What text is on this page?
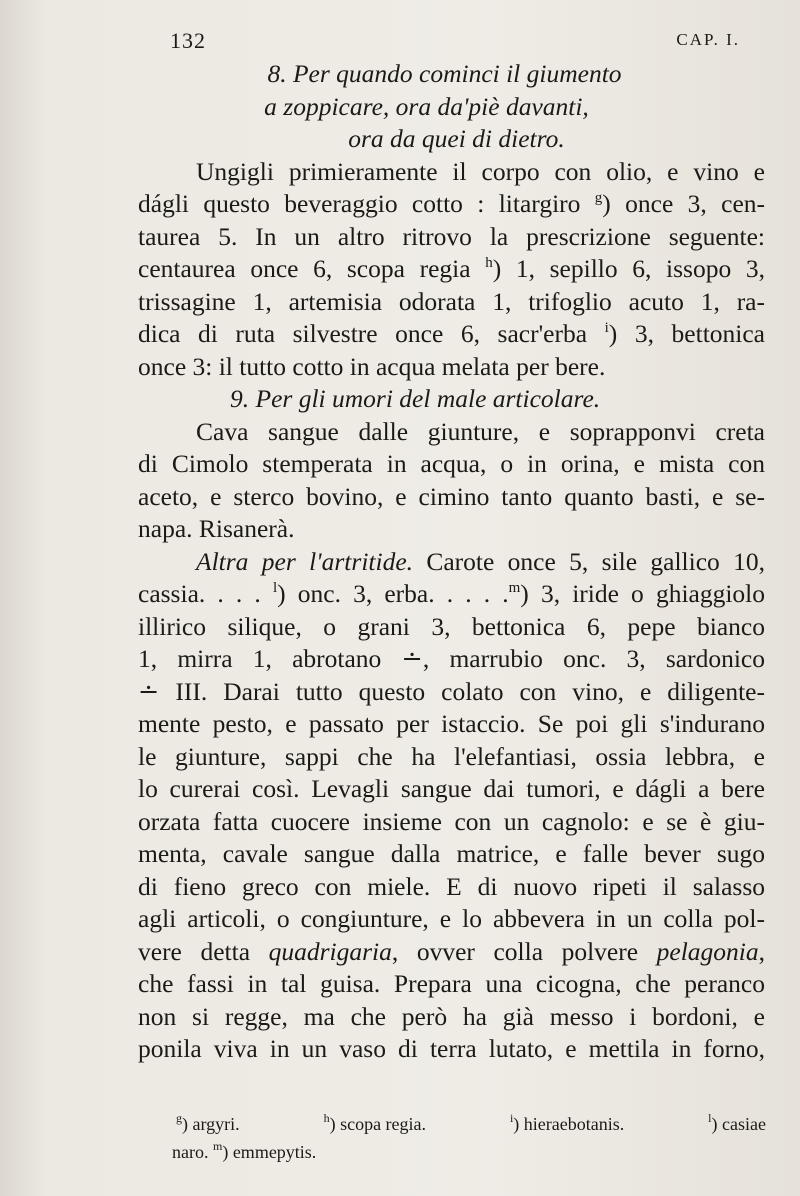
132	CAP. I.
8. Per quando cominci il giumento
a zoppicare, ora da'piè davanti,
ora da quei di dietro.
Ungigli primieramente il corpo con olio, e vino e
dágli questo beveraggio cotto : litargiro $^g$) once 3, cen-
taurea 5. In un altro ritrovo la prescrizione seguente:
centaurea once 6, scopa regia $^h$) 1, sepillo 6, issopo 3,
trissagine 1, artemisia odorata 1, trifoglio acuto 1, ra-
dica di ruta silvestre once 6, sacr'erba $^i$) 3, bettonica
once 3: il tutto cotto in acqua melata per bere.
9. Per gli umori del male articolare.
Cava sangue dalle giunture, e soprapponvi creta
di Cimolo stemperata in acqua, o in orina, e mista con
aceto, e sterco bovino, e cimino tanto quanto basti, e se-
napa. Risanerà.
Altra per l'artritide. Carote once 5, sile gallico 10,
cassia. . . . $^l$) onc. 3, erba. . . . .$^m$) 3, iride o ghiaggiolo
illirico silique, o grani 3, bettonica 6, pepe bianco
1, mirra 1, abrotano ∸, marrubio onc. 3, sardonico
∸ III. Darai tutto questo colato con vino, e diligente-
mente pesto, e passato per istaccio. Se poi gli s'indurano
le giunture, sappi che ha l'elefantiasi, ossia lebbra, e
lo curerai così. Levagli sangue dai tumori, e dágli a bere
orzata fatta cuocere insieme con un cagnolo: e se è giu-
menta, cavale sangue dalla matrice, e falle bever sugo
di fieno greco con miele. E di nuovo ripeti il salasso
agli articoli, o congiunture, e lo abbevera in un colla pol-
vere detta quadrigaria, ovver colla polvere pelagonia,
che fassi in tal guisa. Prepara una cicogna, che peranco
non si regge, ma che però ha già messo i bordoni, e
ponila viva in un vaso di terra lutato, e mettila in forno,
$^g$) argyri.	$^h$) scopa regia.	$^i$) hieraebotanis.	$^l$) casiae
naro. $^m$) emmepytis.
